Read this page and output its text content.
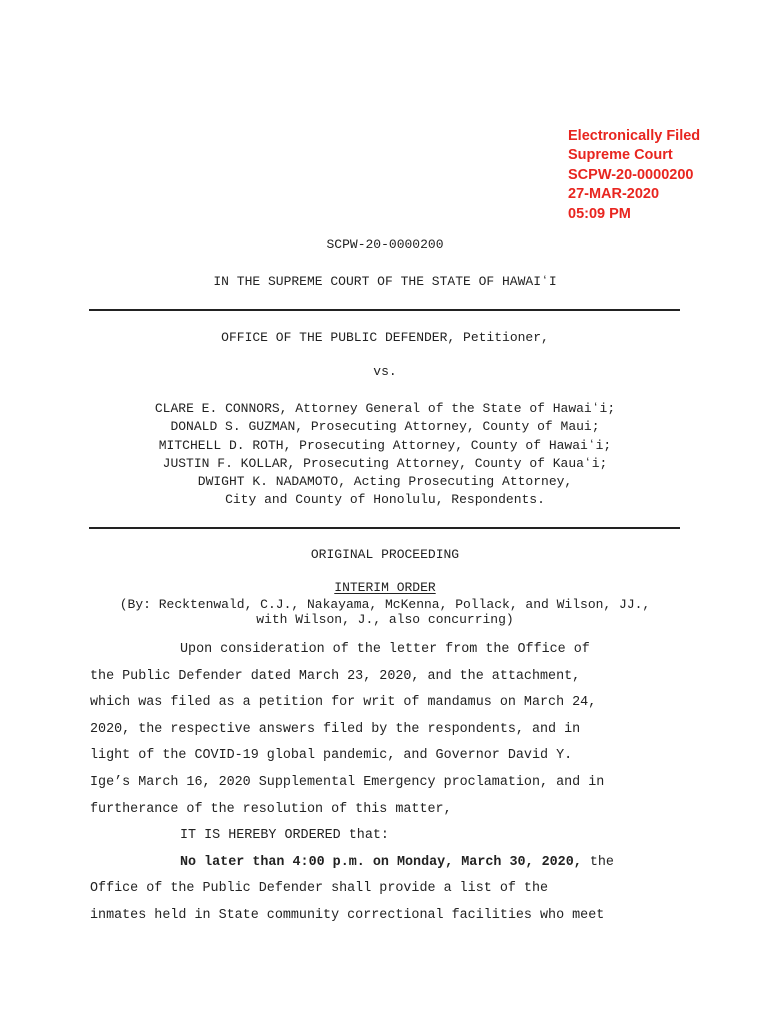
Electronically Filed
Supreme Court
SCPW-20-0000200
27-MAR-2020
05:09 PM
SCPW-20-0000200
IN THE SUPREME COURT OF THE STATE OF HAWAIʻI
OFFICE OF THE PUBLIC DEFENDER, Petitioner,
vs.
CLARE E. CONNORS, Attorney General of the State of Hawaiʻi;
DONALD S. GUZMAN, Prosecuting Attorney, County of Maui;
MITCHELL D. ROTH, Prosecuting Attorney, County of Hawaiʻi;
JUSTIN F. KOLLAR, Prosecuting Attorney, County of Kauaʻi;
DWIGHT K. NADAMOTO, Acting Prosecuting Attorney,
City and County of Honolulu, Respondents.
ORIGINAL PROCEEDING
INTERIM ORDER
(By: Recktenwald, C.J., Nakayama, McKenna, Pollack, and Wilson, JJ.,
with Wilson, J., also concurring)
Upon consideration of the letter from the Office of
the Public Defender dated March 23, 2020, and the attachment,
which was filed as a petition for writ of mandamus on March 24,
2020, the respective answers filed by the respondents, and in
light of the COVID-19 global pandemic, and Governor David Y.
Ige’s March 16, 2020 Supplemental Emergency proclamation, and in
furtherance of the resolution of this matter,
IT IS HEREBY ORDERED that:
No later than 4:00 p.m. on Monday, March 30, 2020, the
Office of the Public Defender shall provide a list of the
inmates held in State community correctional facilities who meet
